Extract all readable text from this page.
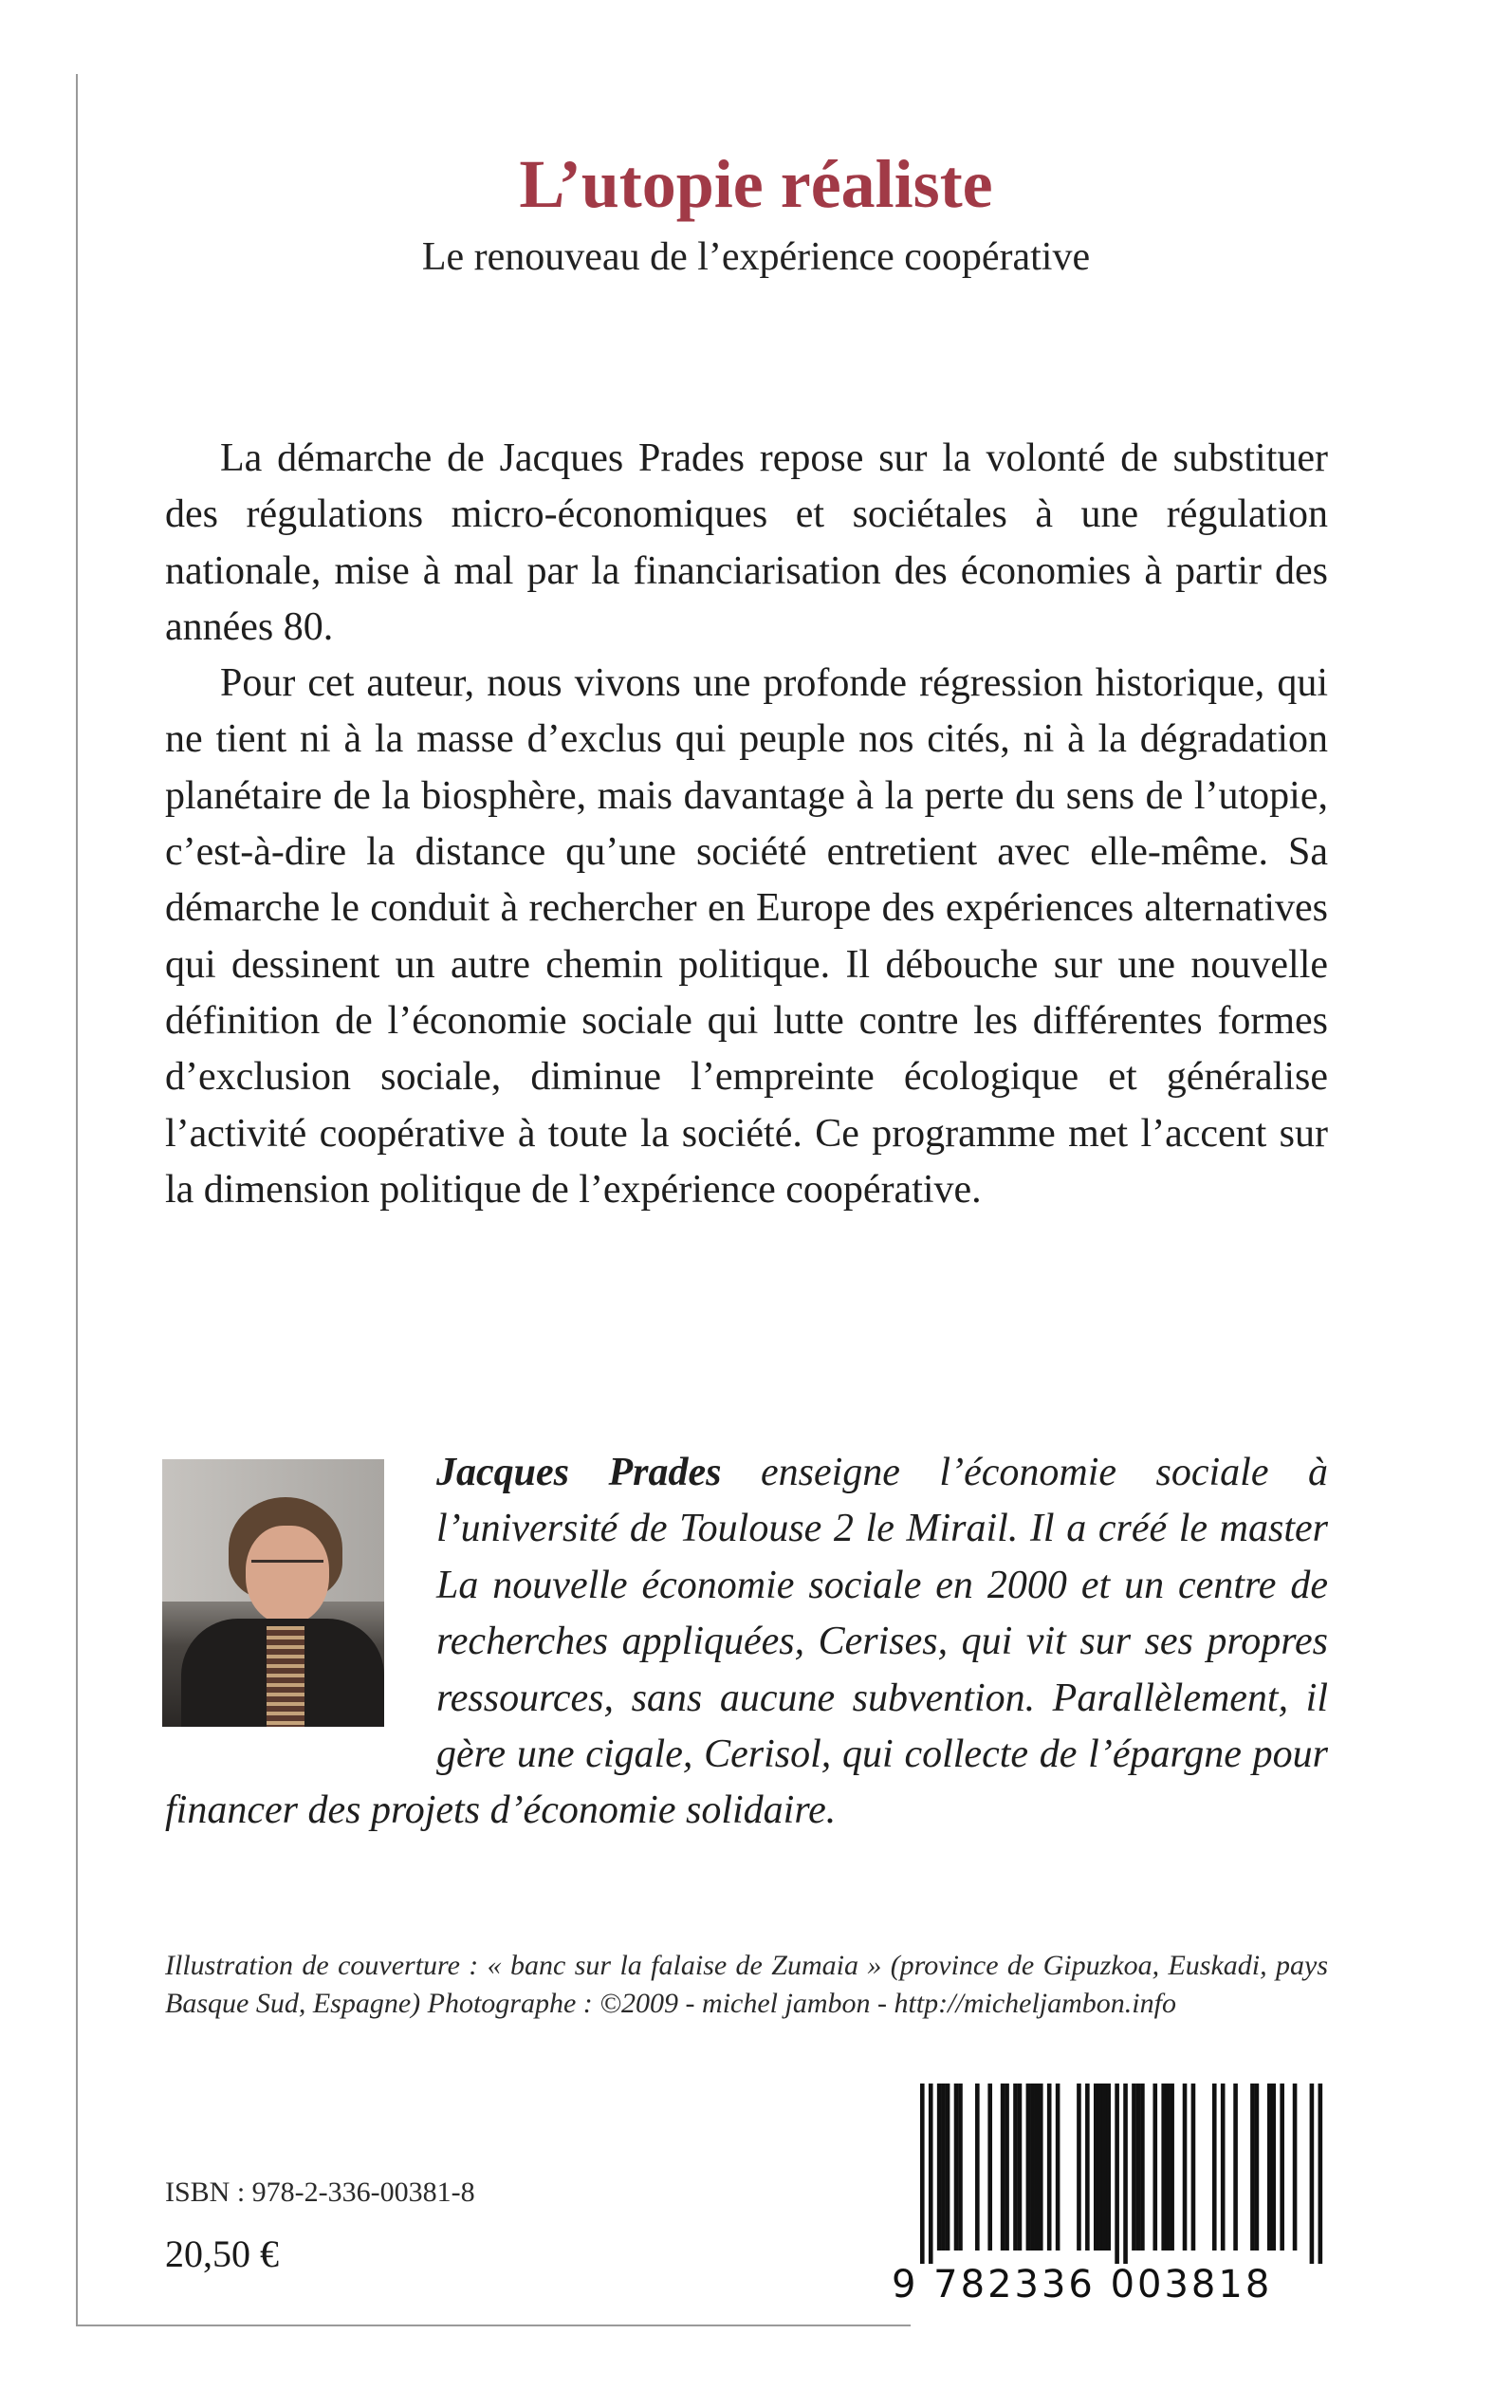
L’utopie réaliste
Le renouveau de l’expérience coopérative

La démarche de Jacques Prades repose sur la volonté de substituer des régulations micro-économiques et sociétales à une régulation nationale, mise à mal par la financiarisation des économies à partir des années 80.

Pour cet auteur, nous vivons une profonde régression historique, qui ne tient ni à la masse d’exclus qui peuple nos cités, ni à la dégradation planétaire de la biosphère, mais davantage à la perte du sens de l’utopie, c’est-à-dire la distance qu’une société entretient avec elle-même. Sa démarche le conduit à rechercher en Europe des expériences alternatives qui dessinent un autre chemin politique. Il débouche sur une nouvelle définition de l’économie sociale qui lutte contre les différentes formes d’exclusion sociale, diminue l’empreinte écologique et généralise l’activité coopérative à toute la société. Ce programme met l’accent sur la dimension politique de l’expérience coopérative.

Jacques Prades enseigne l’économie sociale à l’université de Toulouse 2 le Mirail. Il a créé le master La nouvelle économie sociale en 2000 et un centre de recherches appliquées, Cerises, qui vit sur ses propres ressources, sans aucune subvention. Parallèlement, il gère une cigale, Cerisol, qui collecte de l’épargne pour financer des projets d’économie solidaire.
Illustration de couverture : « banc sur la falaise de Zumaia » (province de Gipuzkoa, Euskadi, pays Basque Sud, Espagne) Photographe : ©2009 - michel jambon - http://micheljambon.info
ISBN : 978-2-336-00381-8
20,50 €
9 782336 003818
